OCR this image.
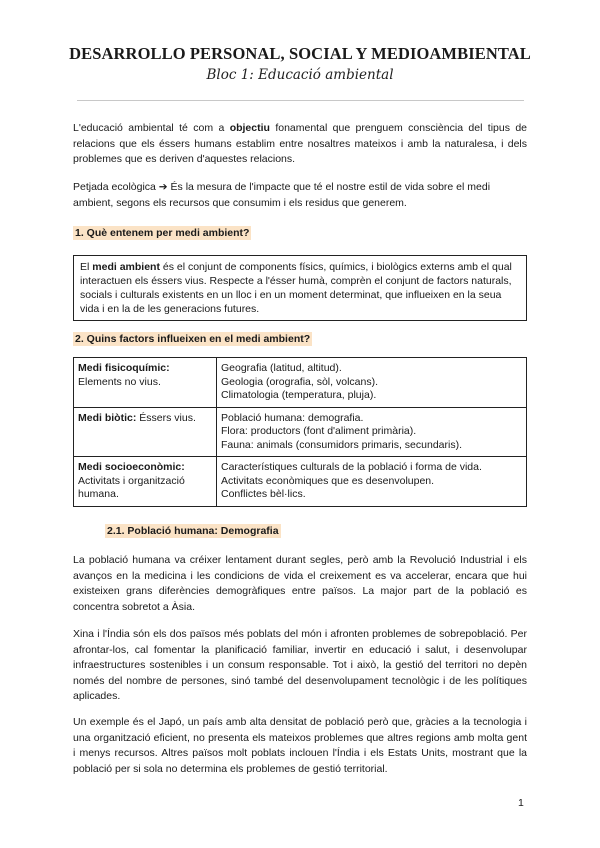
DESARROLLO PERSONAL, SOCIAL Y MEDIOAMBIENTAL
Bloc 1: Educació ambiental

L'educació ambiental té com a objectiu fonamental que prenguem consciència del tipus de relacions que els éssers humans establim entre nosaltres mateixos i amb la naturalesa, i dels problemes que es deriven d'aquestes relacions.

Petjada ecològica ➔ És la mesura de l'impacte que té el nostre estil de vida sobre el medi ambient, segons els recursos que consumim i els residus que generem.

1. Què entenem per medi ambient?
El medi ambient és el conjunt de components físics, químics, i biològics externs amb el qual interactuen els éssers vius. Respecte a l'ésser humà, comprèn el conjunt de factors naturals, socials i culturals existents en un lloc i en un moment determinat, que influeixen en la seua vida i en la de les generacions futures.
2. Quins factors influeixen en el medi ambient?
Medi fisicoquímic:
Elements no vius.	Geografia (latitud, altitud).
Geologia (orografia, sòl, volcans).
Climatologia (temperatura, pluja).
Medi biòtic: Éssers vius.	Població humana: demografia.
Flora: productors (font d'aliment primària).
Fauna: animals (consumidors primaris, secundaris).
Medi socioeconòmic:
Activitats i organització humana.	Característiques culturals de la població i forma de vida.
Activitats econòmiques que es desenvolupen.
Conflictes bèl·lics.
2.1. Població humana: Demografia

La població humana va créixer lentament durant segles, però amb la Revolució Industrial i els avanços en la medicina i les condicions de vida el creixement es va accelerar, encara que hui existeixen grans diferències demogràfiques entre països. La major part de la població es concentra sobretot a Àsia.

Xina i l'Índia són els dos països més poblats del món i afronten problemes de sobrepoblació. Per afrontar-los, cal fomentar la planificació familiar, invertir en educació i salut, i desenvolupar infraestructures sostenibles i un consum responsable. Tot i això, la gestió del territori no depèn només del nombre de persones, sinó també del desenvolupament tecnològic i de les polítiques aplicades.

Un exemple és el Japó, un país amb alta densitat de població però que, gràcies a la tecnologia i una organització eficient, no presenta els mateixos problemes que altres regions amb molta gent i menys recursos. Altres països molt poblats inclouen l'Índia i els Estats Units, mostrant que la població per si sola no determina els problemes de gestió territorial.

1
